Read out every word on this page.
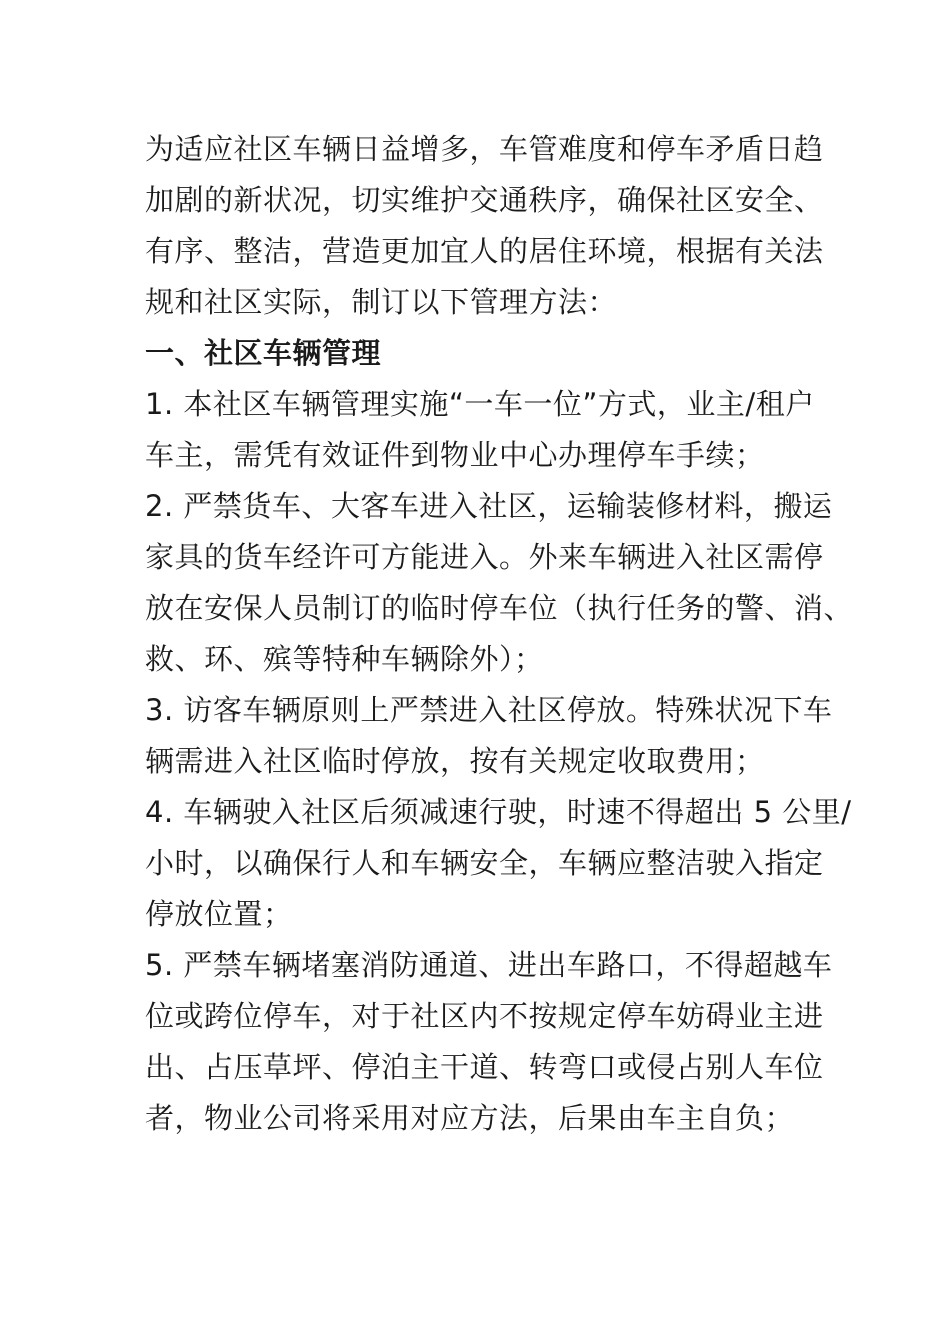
为适应社区车辆日益增多，车管难度和停车矛盾日趋
加剧的新状况，切实维护交通秩序，确保社区安全、
有序、整洁，营造更加宜人的居住环境，根据有关法
规和社区实际，制订以下管理方法：
一、社区车辆管理
1. 本社区车辆管理实施“一车一位”方式，业主/租户
车主，需凭有效证件到物业中心办理停车手续；
2. 严禁货车、大客车进入社区，运输装修材料，搬运
家具的货车经许可方能进入。外来车辆进入社区需停
放在安保人员制订的临时停车位（执行任务的警、消、
救、环、殡等特种车辆除外）；
3. 访客车辆原则上严禁进入社区停放。特殊状况下车
辆需进入社区临时停放，按有关规定收取费用；
4. 车辆驶入社区后须减速行驶，时速不得超出 5 公里/
小时，以确保行人和车辆安全，车辆应整洁驶入指定
停放位置；
5. 严禁车辆堵塞消防通道、进出车路口，不得超越车
位或跨位停车，对于社区内不按规定停车妨碍业主进
出、占压草坪、停泊主干道、转弯口或侵占别人车位
者，物业公司将采用对应方法，后果由车主自负；
